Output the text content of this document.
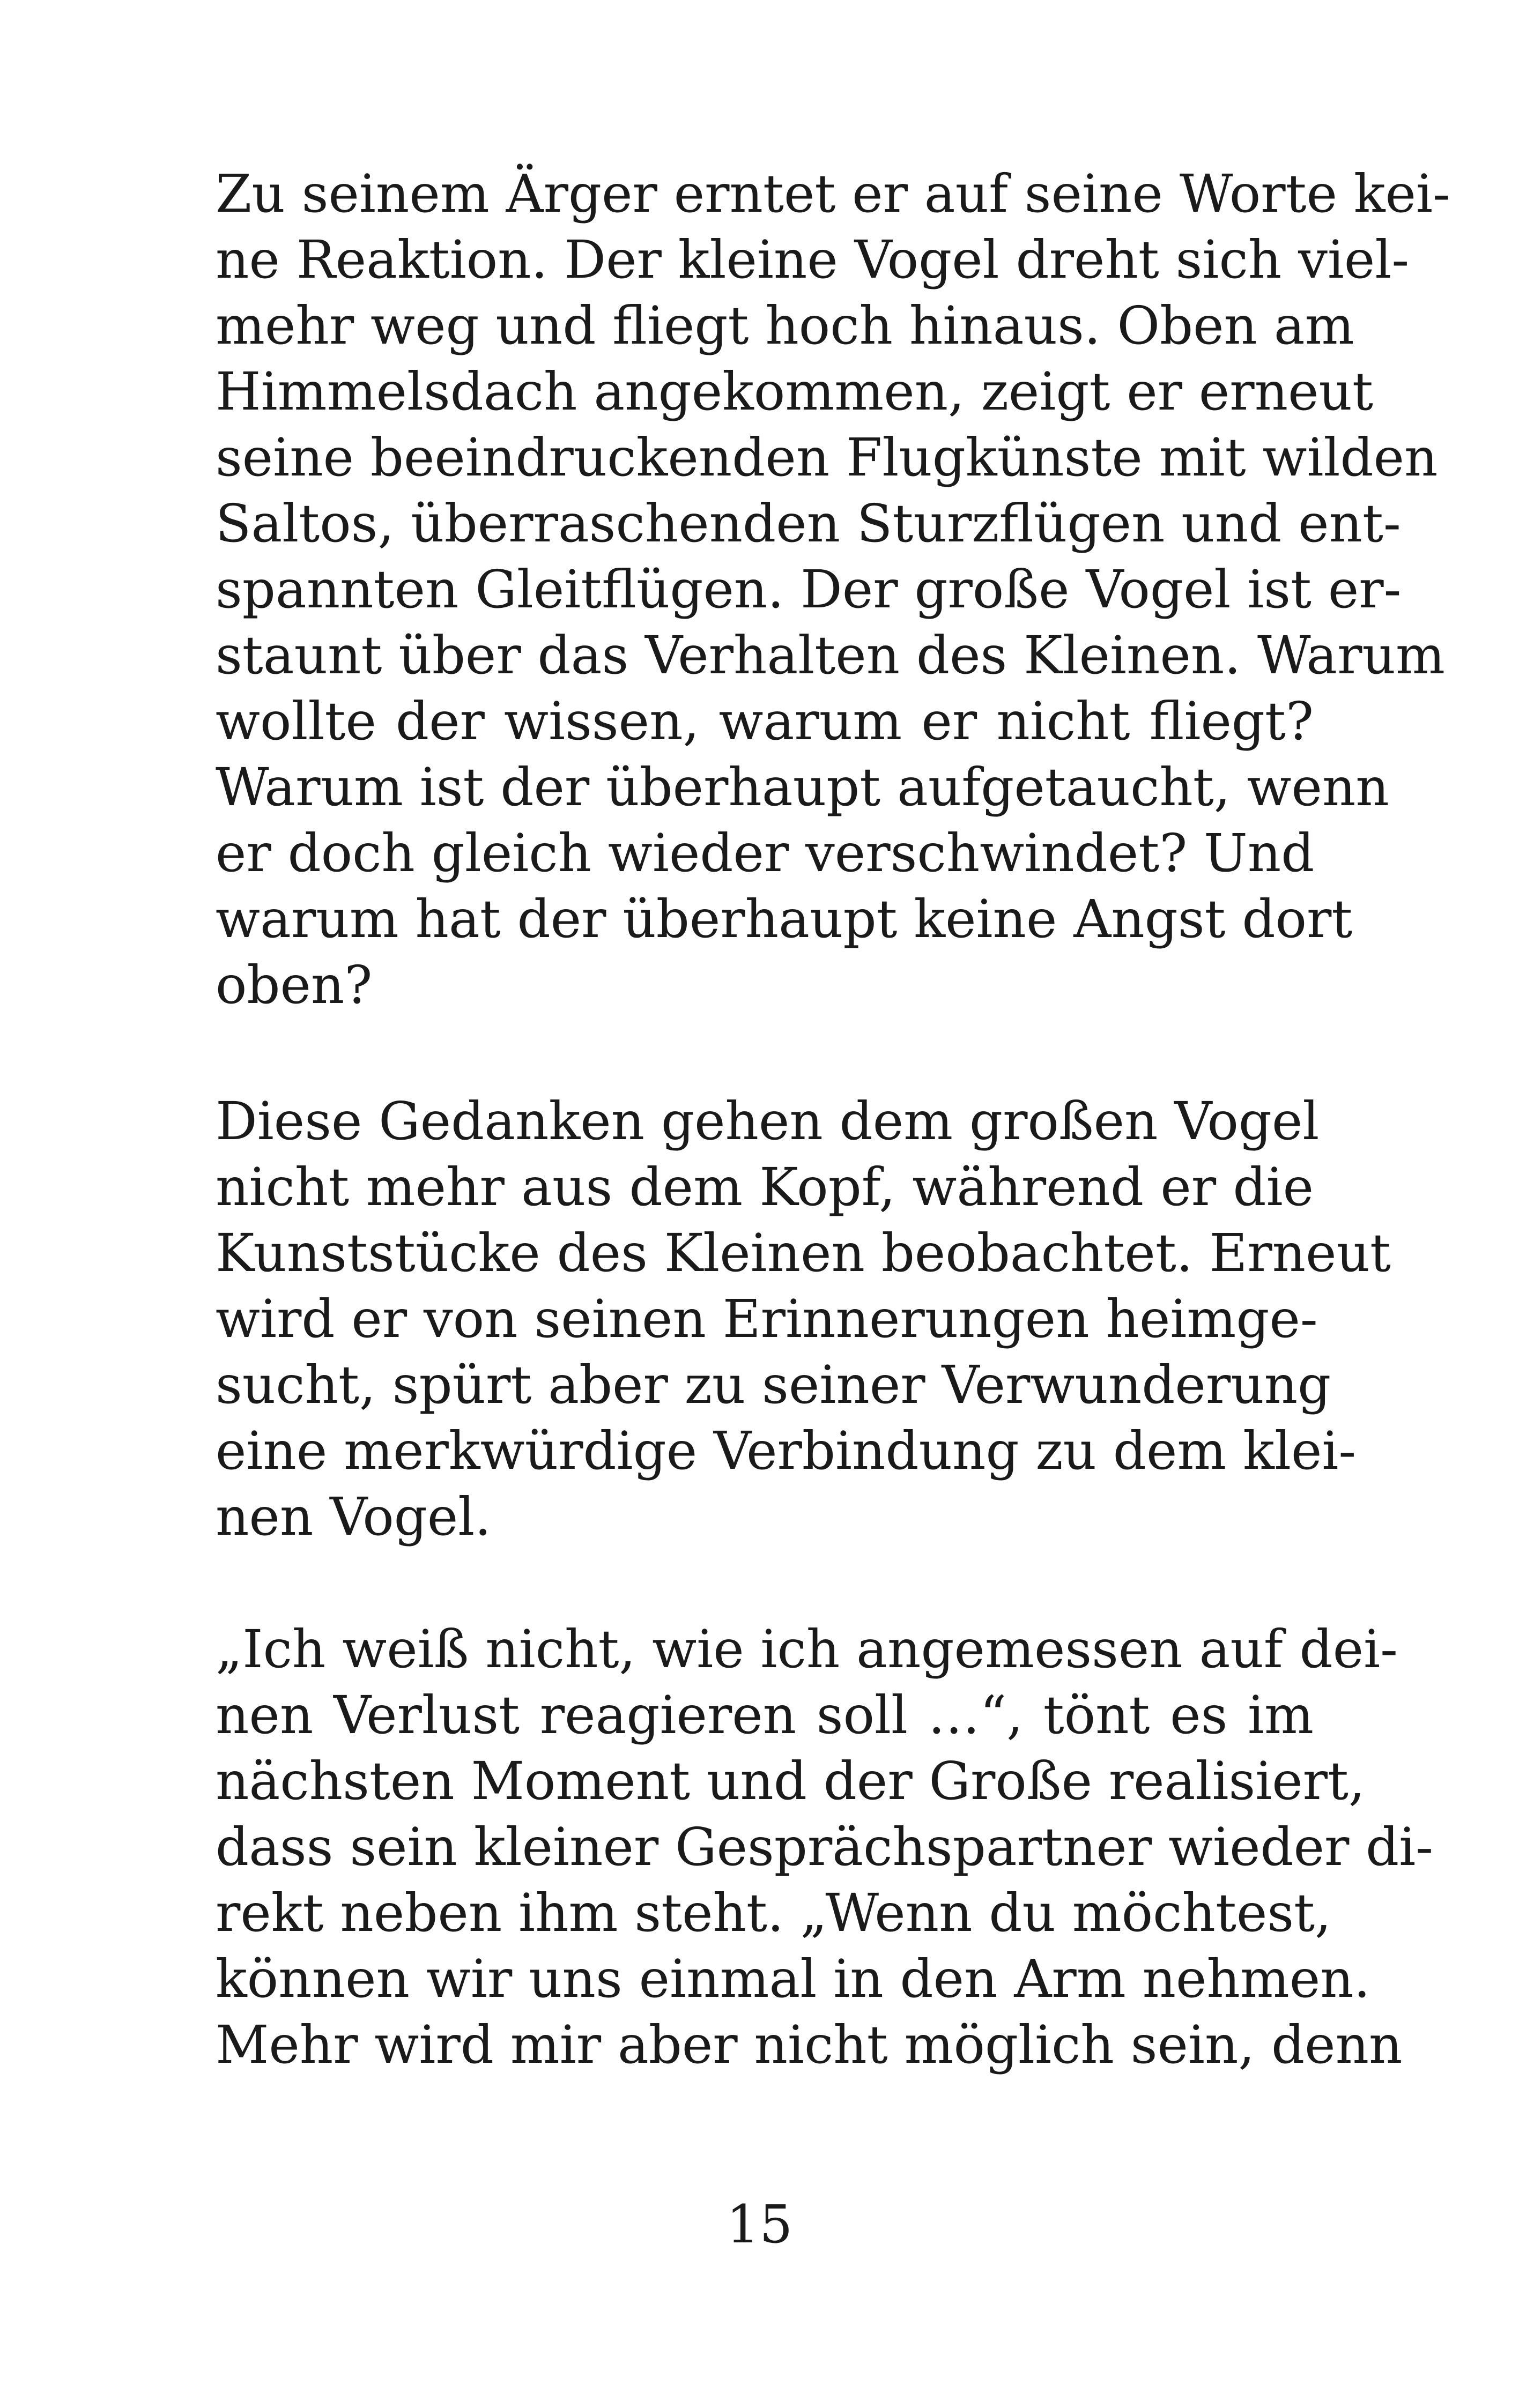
Zu seinem Ärger erntet er auf seine Worte kei-
ne Reaktion. Der kleine Vogel dreht sich viel-
mehr weg und fliegt hoch hinaus. Oben am
Himmelsdach angekommen, zeigt er erneut
seine beeindruckenden Flugkünste mit wilden
Saltos, überraschenden Sturzflügen und ent-
spannten Gleitflügen. Der große Vogel ist er-
staunt über das Verhalten des Kleinen. Warum
wollte der wissen, warum er nicht fliegt?
Warum ist der überhaupt aufgetaucht, wenn
er doch gleich wieder verschwindet? Und
warum hat der überhaupt keine Angst dort
oben?
Diese Gedanken gehen dem großen Vogel
nicht mehr aus dem Kopf, während er die
Kunststücke des Kleinen beobachtet. Erneut
wird er von seinen Erinnerungen heimge-
sucht, spürt aber zu seiner Verwunderung
eine merkwürdige Verbindung zu dem klei-
nen Vogel.
„Ich weiß nicht, wie ich angemessen auf dei-
nen Verlust reagieren soll …“, tönt es im
nächsten Moment und der Große realisiert,
dass sein kleiner Gesprächspartner wieder di-
rekt neben ihm steht. „Wenn du möchtest,
können wir uns einmal in den Arm nehmen.
Mehr wird mir aber nicht möglich sein, denn
15
